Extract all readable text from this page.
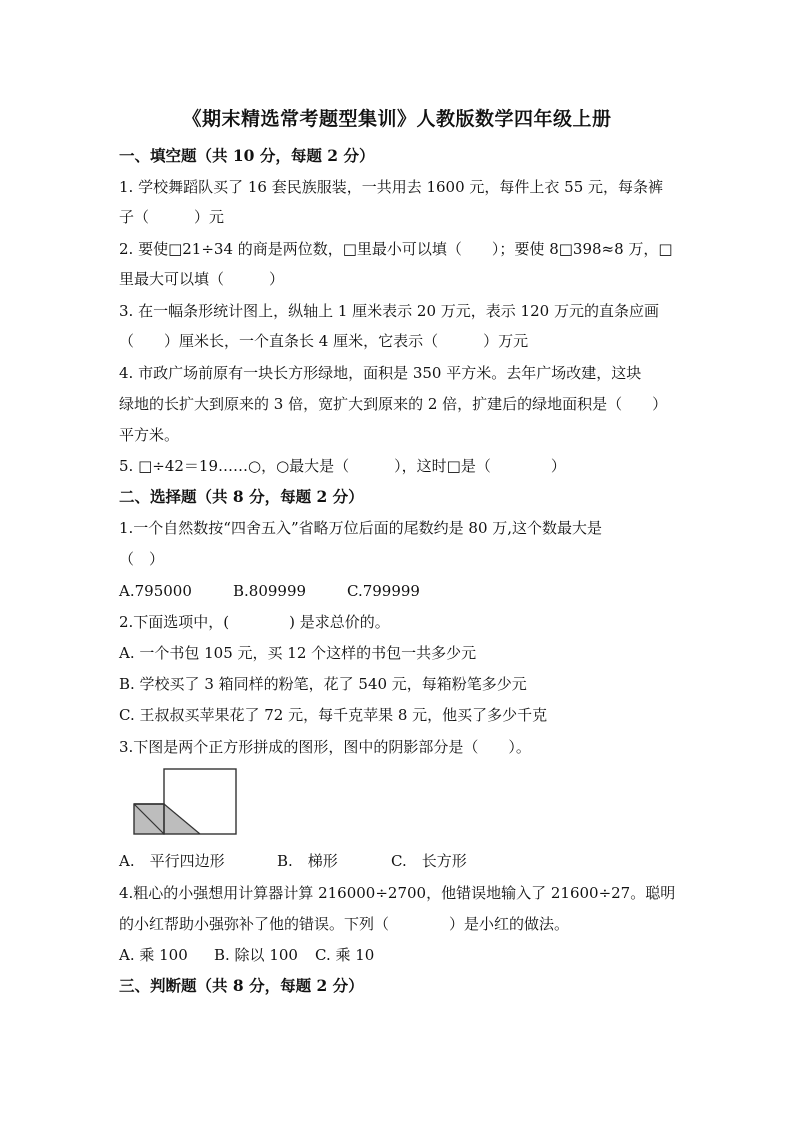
《期末精选常考题型集训》人教版数学四年级上册
一、填空题（共 10 分，每题 2 分）
1. 学校舞蹈队买了 16 套民族服装，一共用去 1600 元，每件上衣 55 元，每条裤
子（　　　）元
2. 要使□21÷34 的商是两位数，□里最小可以填（　　）；要使 8□398≈8 万，□
里最大可以填（　　　）
3. 在一幅条形统计图上，纵轴上 1 厘米表示 20 万元，表示 120 万元的直条应画
（　　）厘米长，一个直条长 4 厘米，它表示（　　　）万元
4. 市政广场前原有一块长方形绿地，面积是 350 平方米。去年广场改建，这块
绿地的长扩大到原来的 3 倍，宽扩大到原来的 2 倍，扩建后的绿地面积是（　　）
平方米。
5. □÷42＝19……○，○最大是（　　　），这时□是（　　　　）
二、选择题（共 8 分，每题 2 分）
1.一个自然数按“四舍五入”省略万位后面的尾数约是 80 万,这个数最大是
（　）
A.795000	B.809999	C.799999
2.下面选项中，(　　　　) 是求总价的。
A. 一个书包 105 元，买 12 个这样的书包一共多少元
B. 学校买了 3 箱同样的粉笔，花了 540 元，每箱粉笔多少元
C. 王叔叔买苹果花了 72 元，每千克苹果 8 元，他买了多少千克
3.下图是两个正方形拼成的图形，图中的阴影部分是（　　）。
A.　平行四边形	B.　梯形	C.　长方形
4.粗心的小强想用计算器计算 216000÷2700，他错误地输入了 21600÷27。聪明
的小红帮助小强弥补了他的错误。下列（　　　　）是小红的做法。
A. 乘 100 B. 除以 100 C. 乘 10
三、判断题（共 8 分，每题 2 分）
